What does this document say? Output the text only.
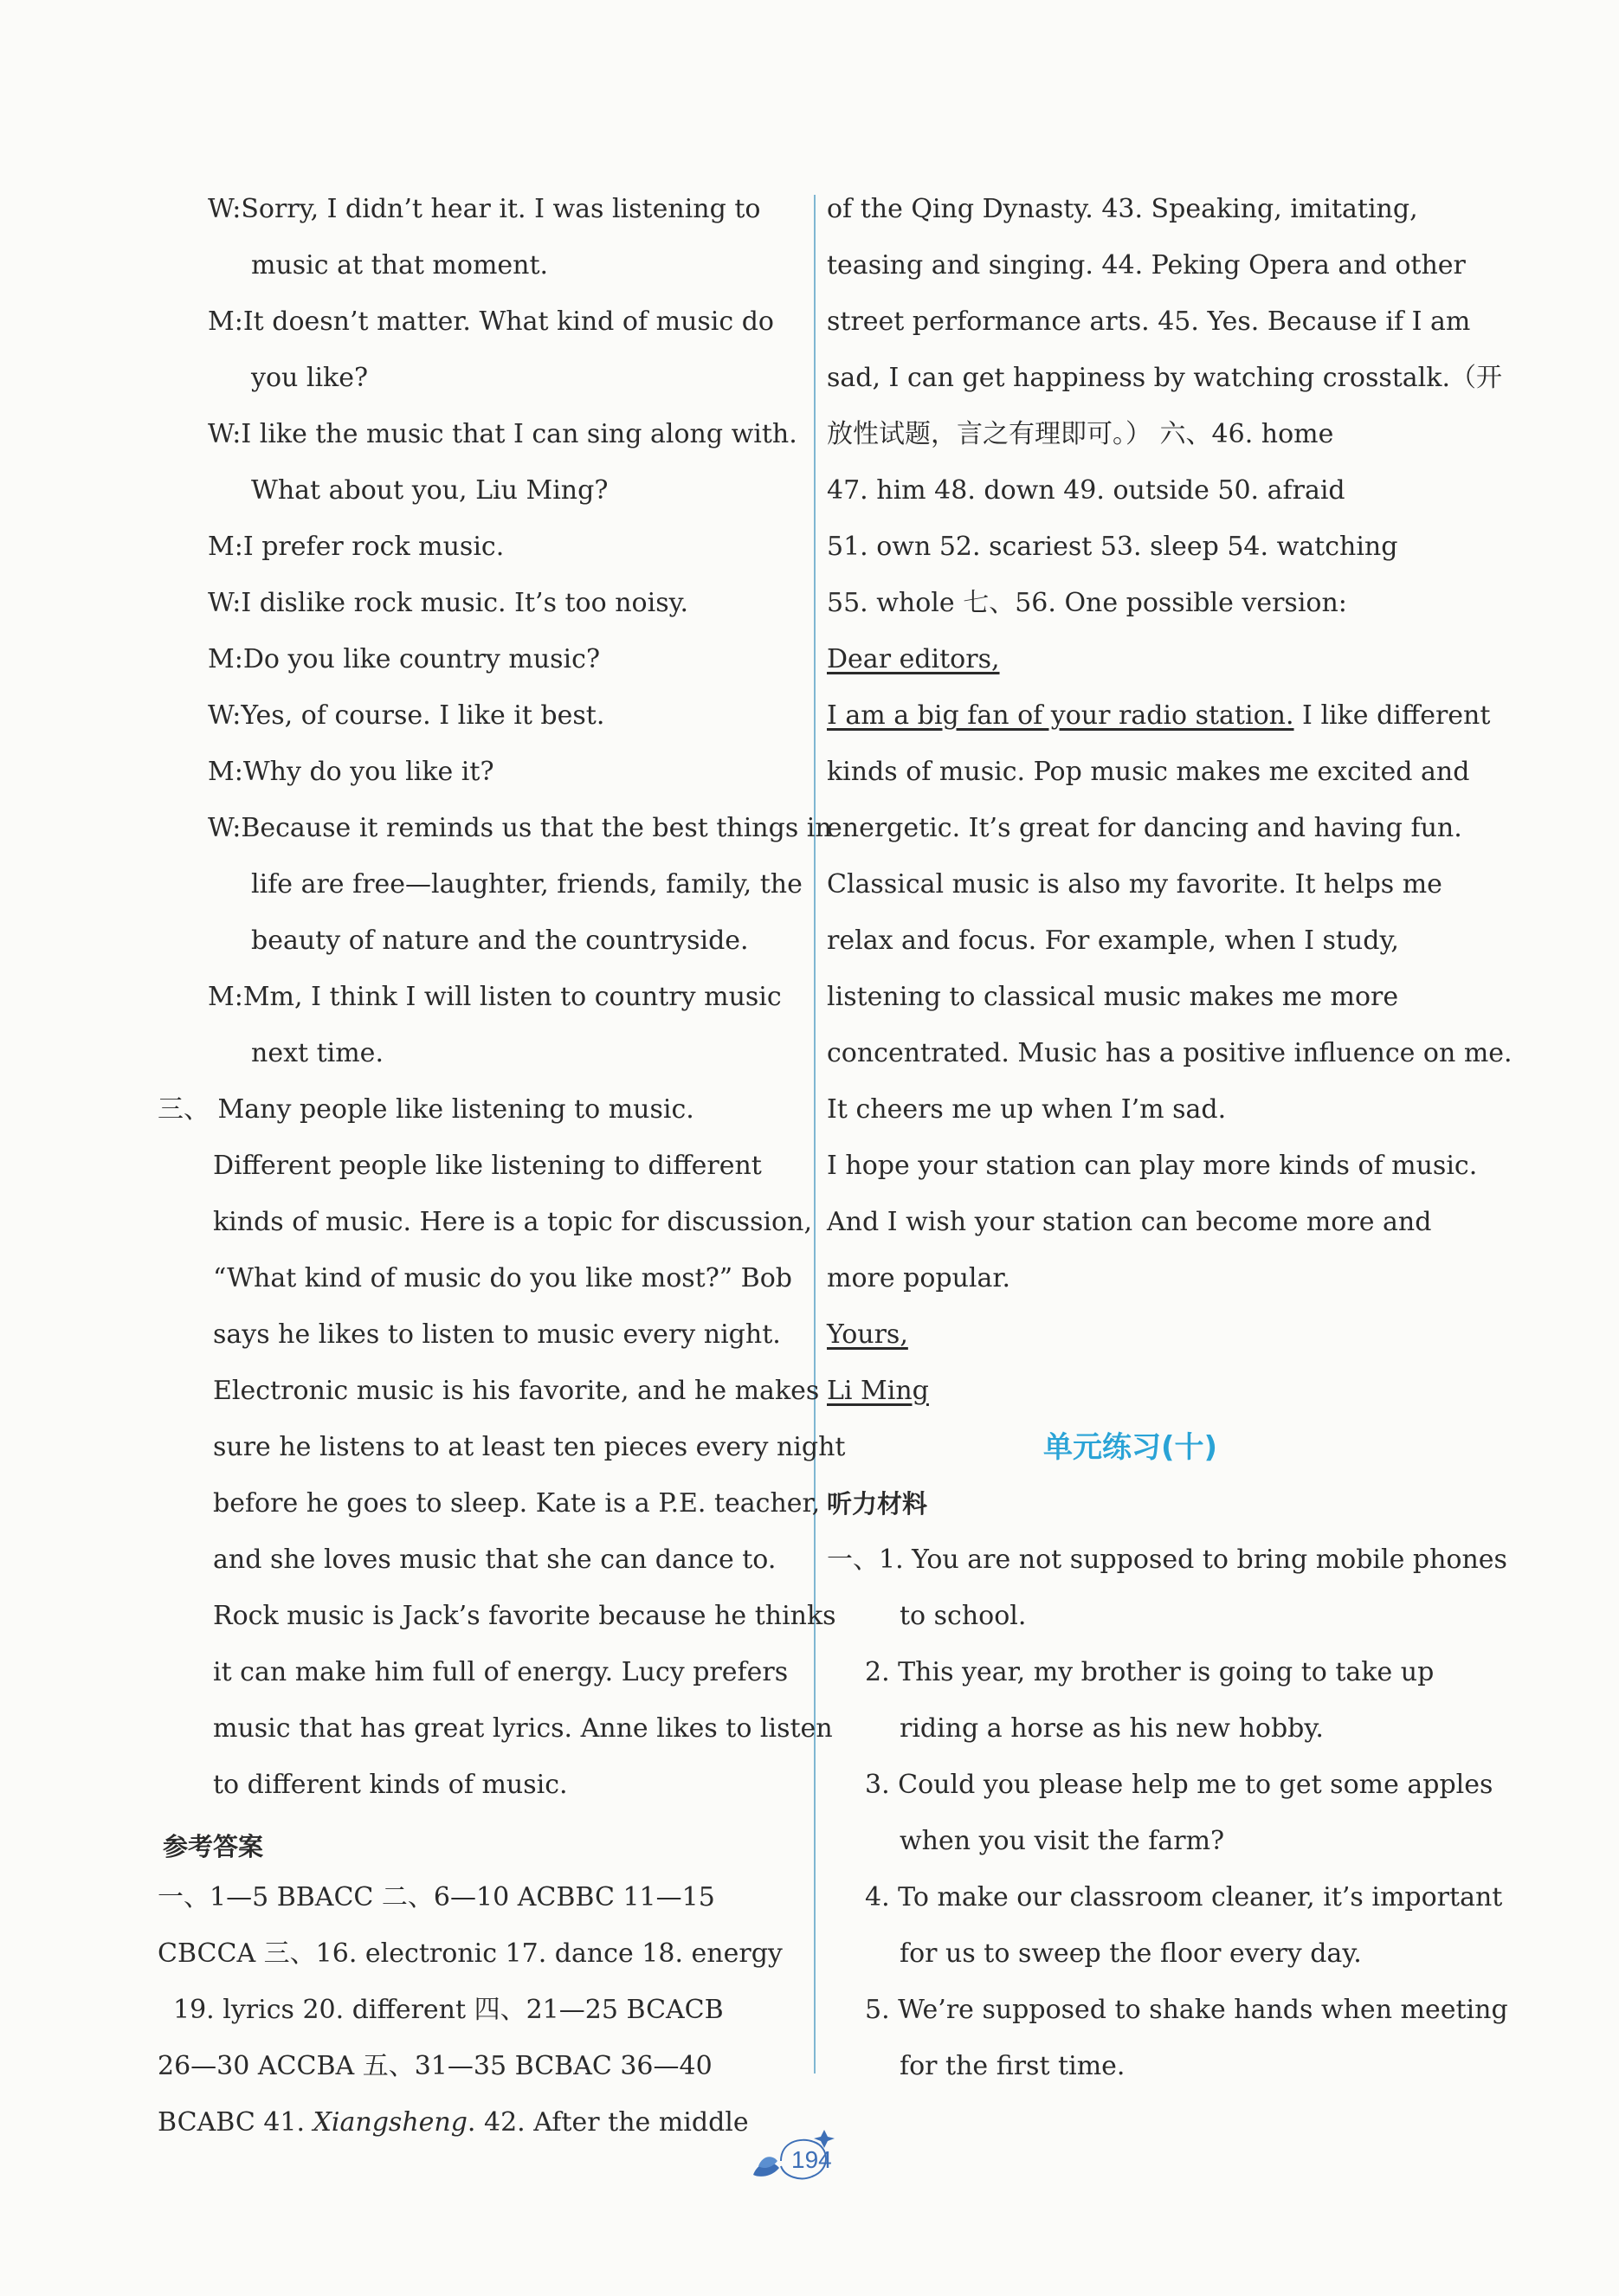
W:Sorry, I didn’t hear it. I was listening to
music at that moment.
M:It doesn’t matter. What kind of music do
you like?
W:I like the music that I can sing along with.
What about you, Liu Ming?
M:I prefer rock music.
W:I dislike rock music. It’s too noisy.
M:Do you like country music?
W:Yes, of course. I like it best.
M:Why do you like it?
W:Because it reminds us that the best things in
life are free—laughter, friends, family, the
beauty of nature and the countryside.
M:Mm, I think I will listen to country music
next time.
三、 Many people like listening to music.
Different people like listening to different
kinds of music. Here is a topic for discussion,
“What kind of music do you like most?” Bob
says he likes to listen to music every night.
Electronic music is his favorite, and he makes
sure he listens to at least ten pieces every night
before he goes to sleep. Kate is a P.E. teacher,
and she loves music that she can dance to.
Rock music is Jack’s favorite because he thinks
it can make him full of energy. Lucy prefers
music that has great lyrics. Anne likes to listen
to different kinds of music.
参考答案
一、1—5 BBACC 二、6—10 ACBBC 11—15
CBCCA 三、16. electronic 17. dance 18. energy
19. lyrics 20. different 四、21—25 BCACB
26—30 ACCBA 五、31—35 BCBAC 36—40
BCABC 41. Xiangsheng. 42. After the middle
of the Qing Dynasty. 43. Speaking, imitating,
teasing and singing. 44. Peking Opera and other
street performance arts. 45. Yes. Because if I am
sad, I can get happiness by watching crosstalk.（开
放性试题，言之有理即可。） 六、46. home
47. him 48. down 49. outside 50. afraid
51. own 52. scariest 53. sleep 54. watching
55. whole 七、56. One possible version:
Dear editors,
I am a big fan of your radio station. I like different
kinds of music. Pop music makes me excited and
energetic. It’s great for dancing and having fun.
Classical music is also my favorite. It helps me
relax and focus. For example, when I study,
listening to classical music makes me more
concentrated. Music has a positive influence on me.
It cheers me up when I’m sad.
I hope your station can play more kinds of music.
And I wish your station can become more and
more popular.
Yours,
Li Ming
单元练习(十)
听力材料
一、1. You are not supposed to bring mobile phones
to school.
2. This year, my brother is going to take up
riding a horse as his new hobby.
3. Could you please help me to get some apples
when you visit the farm?
4. To make our classroom cleaner, it’s important
for us to sweep the floor every day.
5. We’re supposed to shake hands when meeting
for the first time.
194
